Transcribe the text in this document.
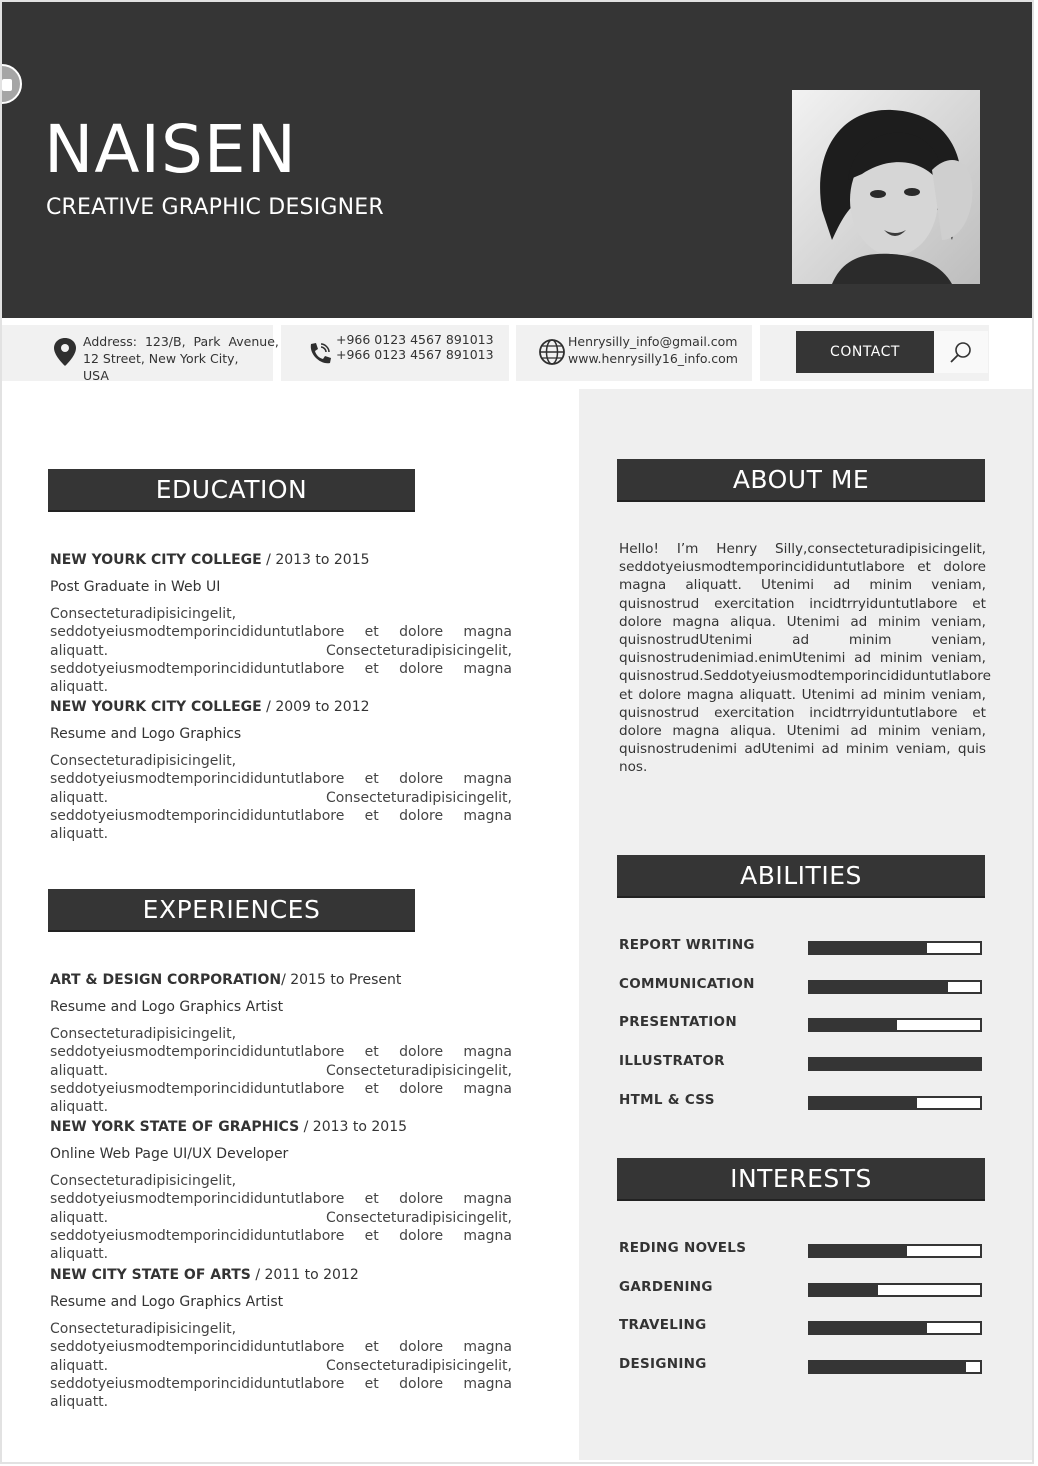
NAISEN
CREATIVE GRAPHIC DESIGNER
Address:  123/B,  Park  Avenue,
12 Street, New York City, USA
+966 0123 4567 891013
+966 0123 4567 891013
Henrysilly_info@gmail.com
www.henrysilly16_info.com	CONTACT
EDUCATION
NEW YOURK CITY COLLEGE / 2013 to 2015
Post Graduate in Web UI
Consecteturadipisicingelit, seddotyeiusmodtemporincididuntutlabore et dolore magna aliquatt. Consecteturadipisicingelit, seddotyeiusmodtemporincididuntutlabore et dolore magna aliquatt.
NEW YOURK CITY COLLEGE / 2009 to 2012
Resume and Logo Graphics
Consecteturadipisicingelit, seddotyeiusmodtemporincididuntutlabore et dolore magna aliquatt. Consecteturadipisicingelit, seddotyeiusmodtemporincididuntutlabore et dolore magna aliquatt.
EXPERIENCES
ART & DESIGN CORPORATION/ 2015 to Present
Resume and Logo Graphics Artist
Consecteturadipisicingelit, seddotyeiusmodtemporincididuntutlabore et dolore magna aliquatt. Consecteturadipisicingelit, seddotyeiusmodtemporincididuntutlabore et dolore magna aliquatt.
NEW YORK STATE OF GRAPHICS / 2013 to 2015
Online Web Page UI/UX Developer
Consecteturadipisicingelit, seddotyeiusmodtemporincididuntutlabore et dolore magna aliquatt. Consecteturadipisicingelit, seddotyeiusmodtemporincididuntutlabore et dolore magna aliquatt.
NEW CITY STATE OF ARTS / 2011 to 2012
Resume and Logo Graphics Artist
Consecteturadipisicingelit, seddotyeiusmodtemporincididuntutlabore et dolore magna aliquatt. Consecteturadipisicingelit, seddotyeiusmodtemporincididuntutlabore et dolore magna aliquatt.
ABOUT ME
Hello! I’m Henry Silly,consecteturadipisicingelit, seddotyeiusmodtemporincididuntutlabore et dolore magna aliquatt. Utenimi ad minim veniam, quisnostrud exercitation incidtrryiduntutlabore et dolore magna aliqua. Utenimi ad minim veniam, quisnostrudUtenimi ad minim veniam, quisnostrudenimiad.enimUtenimi ad minim veniam, quisnostrud.Seddotyeiusmodtemporincididuntutlabore et dolore magna aliquatt. Utenimi ad minim veniam, quisnostrud exercitation incidtrryiduntutlabore et dolore magna aliqua. Utenimi ad minim veniam, quisnostrudenimi adUtenimi ad minim veniam, quis nos.
ABILITIES
REPORT WRITING
COMMUNICATION
PRESENTATION
ILLUSTRATOR
HTML & CSS
INTERESTS
REDING NOVELS
GARDENING
TRAVELING
DESIGNING
